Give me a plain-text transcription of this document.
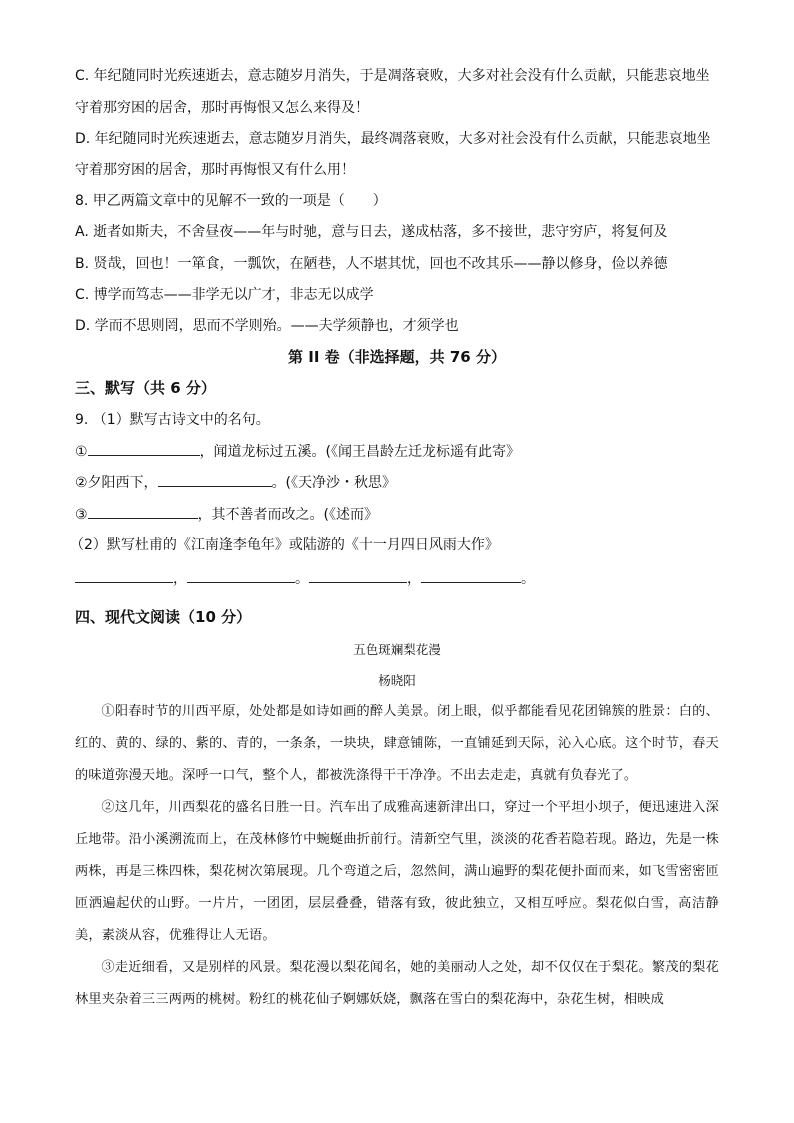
C. 年纪随同时光疾速逝去，意志随岁月消失，于是凋落衰败，大多对社会没有什么贡献，只能悲哀地坐
守着那穷困的居舍，那时再悔恨又怎么来得及！
D. 年纪随同时光疾速逝去，意志随岁月消失，最终凋落衰败，大多对社会没有什么贡献，只能悲哀地坐
守着那穷困的居舍，那时再悔恨又有什么用！
8. 甲乙两篇文章中的见解不一致的一项是（　　）
A. 逝者如斯夫，不舍昼夜——年与时驰，意与日去，遂成枯落，多不接世，悲守穷庐，将复何及
B. 贤哉，回也！一箪食，一瓢饮，在陋巷，人不堪其忧，回也不改其乐——静以修身，俭以养德
C. 博学而笃志——非学无以广才，非志无以成学
D. 学而不思则罔，思而不学则殆。——夫学须静也，才须学也
第 II 卷（非选择题，共 76 分）
三、默写（共 6 分）
9. （1）默写古诗文中的名句。
①	，闻道龙标过五溪。(《闻王昌龄左迁龙标遥有此寄》
②夕阳西下，	。(《天净沙・秋思》
③	，其不善者而改之。(《述而》
（2）默写杜甫的《江南逢李龟年》或陆游的《十一月四日风雨大作》
，	。	，	。
四、现代文阅读（10 分）
五色斑斓梨花漫
杨晓阳

①阳春时节的川西平原，处处都是如诗如画的醉人美景。闭上眼，似乎都能看见花团锦簇的胜景：白的、红的、黄的、绿的、紫的、青的，一条条，一块块，肆意铺陈，一直铺延到天际，沁入心底。这个时节，春天的味道弥漫天地。深呼一口气，整个人，都被洗涤得干干净净。不出去走走，真就有负春光了。

②这几年，川西梨花的盛名日胜一日。汽车出了成雅高速新津出口，穿过一个平坦小坝子，便迅速进入深丘地带。沿小溪溯流而上，在茂林修竹中蜿蜒曲折前行。清新空气里，淡淡的花香若隐若现。路边，先是一株两株，再是三株四株，梨花树次第展现。几个弯道之后，忽然间，满山遍野的梨花便扑面而来，如飞雪密密匝匝洒遍起伏的山野。一片片，一团团，层层叠叠，错落有致，彼此独立，又相互呼应。梨花似白雪，高洁静美，素淡从容，优雅得让人无语。

③走近细看，又是别样的风景。梨花漫以梨花闻名，她的美丽动人之处，却不仅仅在于梨花。繁茂的梨花林里夹杂着三三两两的桃树。粉红的桃花仙子婀娜妖娆，飘落在雪白的梨花海中，杂花生树，相映成
